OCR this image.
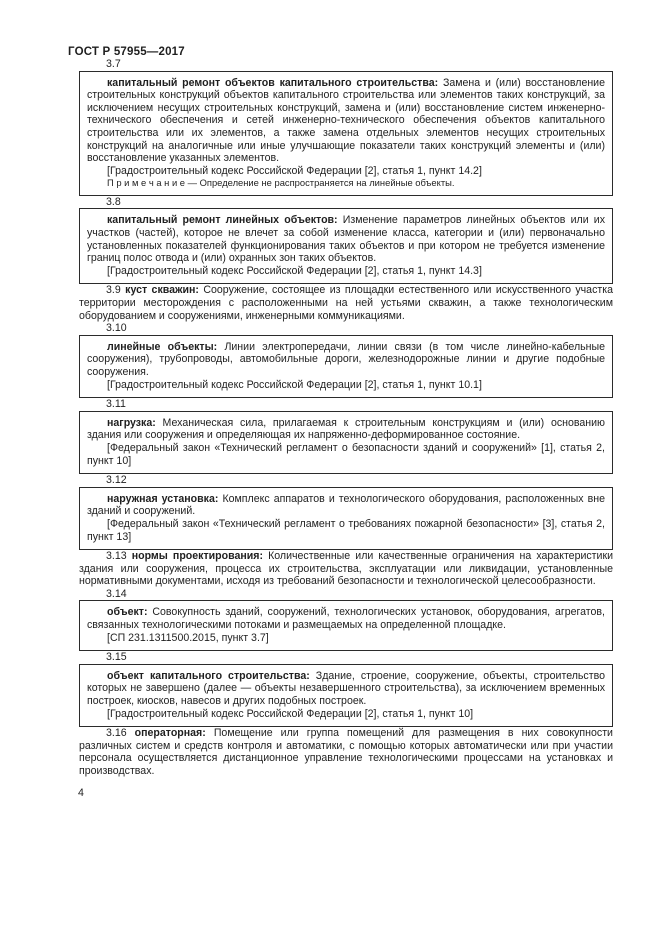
ГОСТ Р 57955—2017

3.7

капитальный ремонт объектов капитального строительства: Замена и (или) восстановление строительных конструкций объектов капитального строительства или элементов таких конструкций, за исключением несущих строительных конструкций, замена и (или) восстановление систем инженерно-технического обеспечения и сетей инженерно-технического обеспечения объектов капитального строительства или их элементов, а также замена отдельных элементов несущих строительных конструкций на аналогичные или иные улучшающие показатели таких конструкций элементы и (или) восстановление указанных элементов.

[Градостроительный кодекс Российской Федерации [2], статья 1, пункт 14.2]

П р и м е ч а н и е — Определение не распространяется на линейные объекты.

3.8

капитальный ремонт линейных объектов: Изменение параметров линейных объектов или их участков (частей), которое не влечет за собой изменение класса, категории и (или) первоначально установленных показателей функционирования таких объектов и при котором не требуется изменение границ полос отвода и (или) охранных зон таких объектов.

[Градостроительный кодекс Российской Федерации [2], статья 1, пункт 14.3]

3.9 куст скважин: Сооружение, состоящее из площадки естественного или искусственного участка территории месторождения с расположенными на ней устьями скважин, а также технологическим оборудованием и сооружениями, инженерными коммуникациями.

3.10

линейные объекты: Линии электропередачи, линии связи (в том числе линейно-кабельные сооружения), трубопроводы, автомобильные дороги, железнодорожные линии и другие подобные сооружения.

[Градостроительный кодекс Российской Федерации [2], статья 1, пункт 10.1]

3.11

нагрузка: Механическая сила, прилагаемая к строительным конструкциям и (или) основанию здания или сооружения и определяющая их напряженно-деформированное состояние.

[Федеральный закон «Технический регламент о безопасности зданий и сооружений» [1], статья 2, пункт 10]

3.12

наружная установка: Комплекс аппаратов и технологического оборудования, расположенных вне зданий и сооружений.

[Федеральный закон «Технический регламент о требованиях пожарной безопасности» [3], статья 2, пункт 13]

3.13 нормы проектирования: Количественные или качественные ограничения на характеристики здания или сооружения, процесса их строительства, эксплуатации или ликвидации, установленные нормативными документами, исходя из требований безопасности и технологической целесообразности.

3.14

объект: Совокупность зданий, сооружений, технологических установок, оборудования, агрегатов, связанных технологическими потоками и размещаемых на определенной площадке.

[СП 231.1311500.2015, пункт 3.7]

3.15

объект капитального строительства: Здание, строение, сооружение, объекты, строительство которых не завершено (далее — объекты незавершенного строительства), за исключением временных построек, киосков, навесов и других подобных построек.

[Градостроительный кодекс Российской Федерации [2], статья 1, пункт 10]

3.16 операторная: Помещение или группа помещений для размещения в них совокупности различных систем и средств контроля и автоматики, с помощью которых автоматически или при участии персонала осуществляется дистанционное управление технологическими процессами на установках и производствах.

4
